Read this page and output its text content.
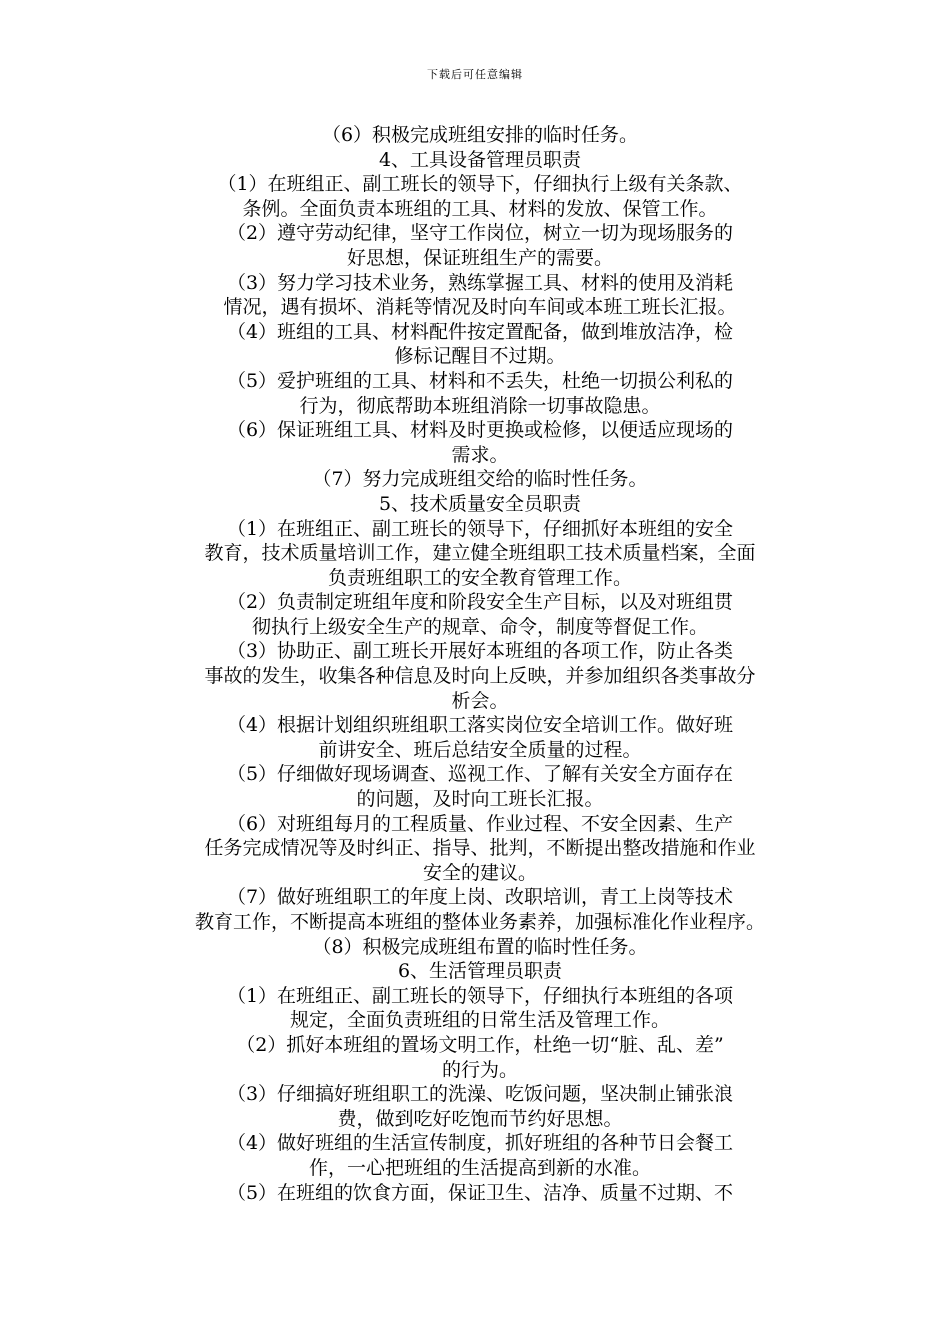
下载后可任意编辑
（6）积极完成班组安排的临时任务。
4、工具设备管理员职责
（1）在班组正、副工班长的领导下，仔细执行上级有关条款、
条例。全面负责本班组的工具、材料的发放、保管工作。
（2）遵守劳动纪律，坚守工作岗位，树立一切为现场服务的
好思想，保证班组生产的需要。
（3）努力学习技术业务，熟练掌握工具、材料的使用及消耗
情况，遇有损坏、消耗等情况及时向车间或本班工班长汇报。
（4）班组的工具、材料配件按定置配备，做到堆放洁净，检
修标记醒目不过期。
（5）爱护班组的工具、材料和不丢失，杜绝一切损公利私的
行为，彻底帮助本班组消除一切事故隐患。
（6）保证班组工具、材料及时更换或检修，以便适应现场的
需求。
（7）努力完成班组交给的临时性任务。
5、技术质量安全员职责
（1）在班组正、副工班长的领导下，仔细抓好本班组的安全
教育，技术质量培训工作，建立健全班组职工技术质量档案，全面
负责班组职工的安全教育管理工作。
（2）负责制定班组年度和阶段安全生产目标，以及对班组贯
彻执行上级安全生产的规章、命令，制度等督促工作。
（3）协助正、副工班长开展好本班组的各项工作，防止各类
事故的发生，收集各种信息及时向上反映，并参加组织各类事故分
析会。
（4）根据计划组织班组职工落实岗位安全培训工作。做好班
前讲安全、班后总结安全质量的过程。
（5）仔细做好现场调查、巡视工作、了解有关安全方面存在
的问题，及时向工班长汇报。
（6）对班组每月的工程质量、作业过程、不安全因素、生产
任务完成情况等及时纠正、指导、批判，不断提出整改措施和作业
安全的建议。
（7）做好班组职工的年度上岗、改职培训，青工上岗等技术
教育工作，不断提高本班组的整体业务素养，加强标准化作业程序。
（8）积极完成班组布置的临时性任务。
6、生活管理员职责
（1）在班组正、副工班长的领导下，仔细执行本班组的各项
规定，全面负责班组的日常生活及管理工作。
（2）抓好本班组的置场文明工作，杜绝一切“脏、乱、差”
的行为。
（3）仔细搞好班组职工的洗澡、吃饭问题，坚决制止铺张浪
费，做到吃好吃饱而节约好思想。
（4）做好班组的生活宣传制度，抓好班组的各种节日会餐工
作，一心把班组的生活提高到新的水准。
（5）在班组的饮食方面，保证卫生、洁净、质量不过期、不
